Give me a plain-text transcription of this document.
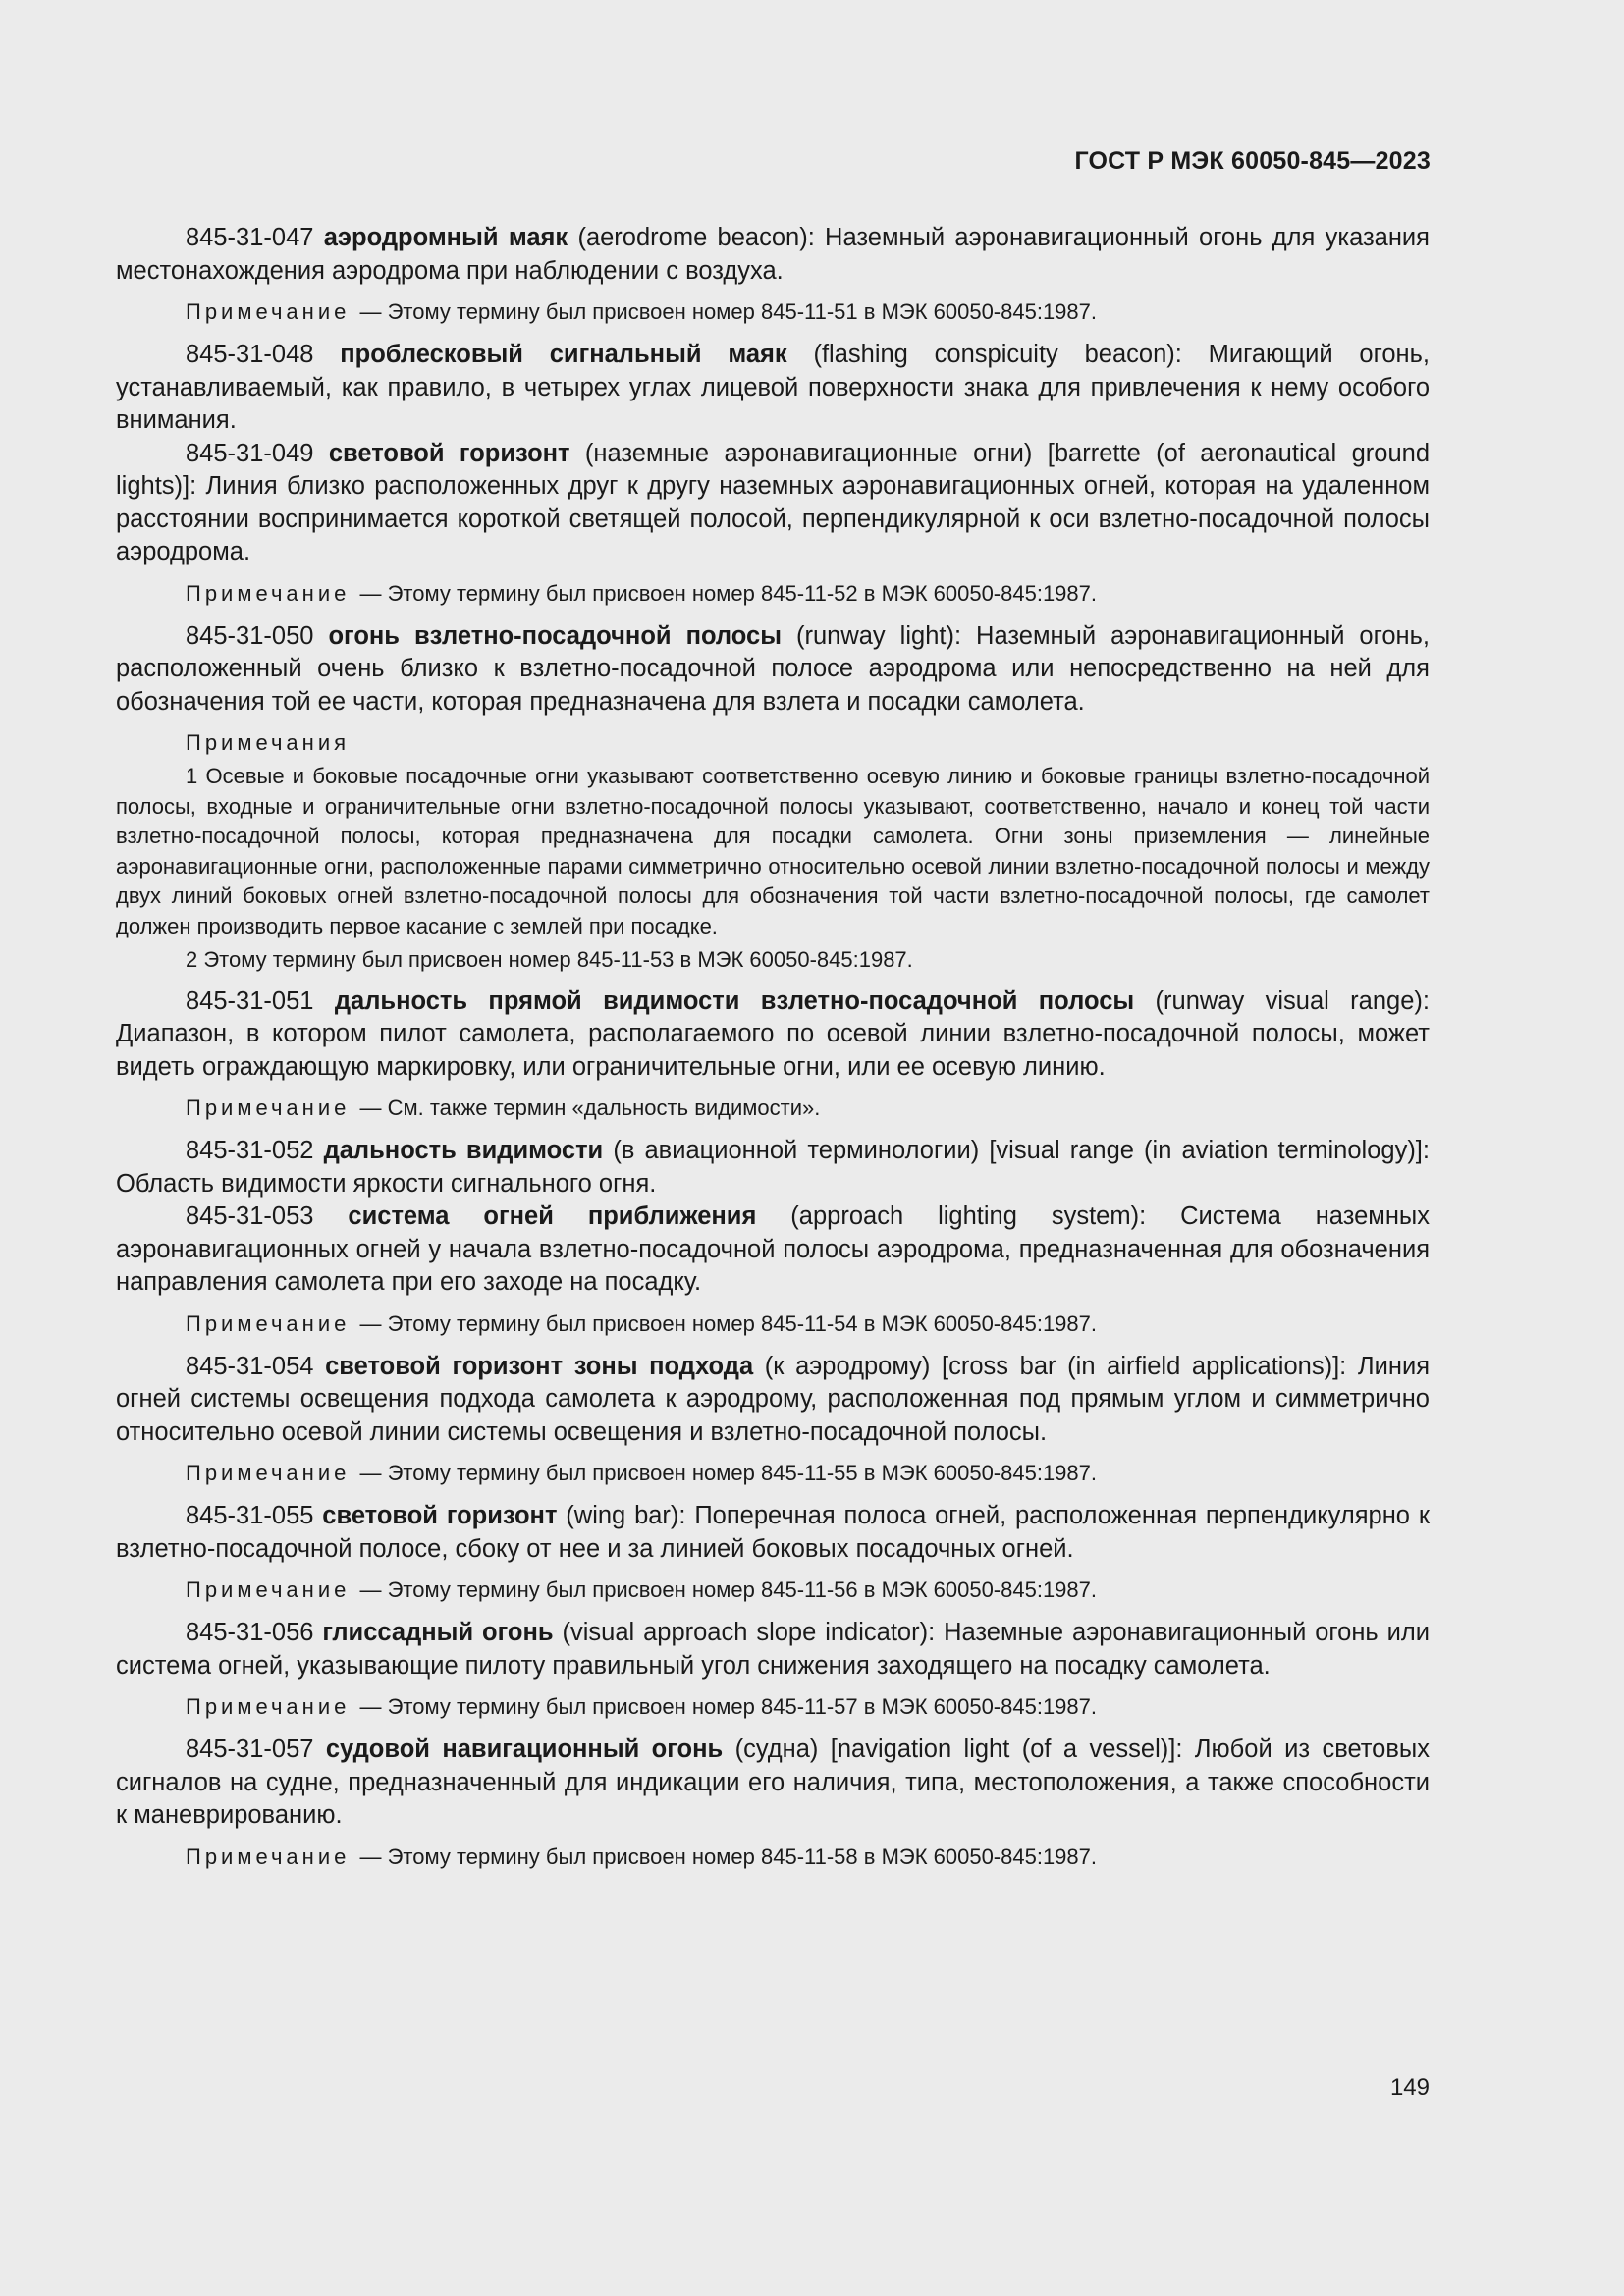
ГОСТ Р МЭК 60050-845—2023

845-31-047 аэродромный маяк (aerodrome beacon): Наземный аэронавигационный огонь для указания местонахождения аэродрома при наблюдении с воздуха.

Примечание — Этому термину был присвоен номер 845-11-51 в МЭК 60050-845:1987.

845-31-048 проблесковый сигнальный маяк (flashing conspicuity beacon): Мигающий огонь, устанавливаемый, как правило, в четырех углах лицевой поверхности знака для привлечения к нему особого внимания.

845-31-049 световой горизонт (наземные аэронавигационные огни) [barrette (of aeronautical ground lights)]: Линия близко расположенных друг к другу наземных аэронавигационных огней, которая на удаленном расстоянии воспринимается короткой светящей полосой, перпендикулярной к оси взлетно-посадочной полосы аэродрома.

Примечание — Этому термину был присвоен номер 845-11-52 в МЭК 60050-845:1987.

845-31-050 огонь взлетно-посадочной полосы (runway light): Наземный аэронавигационный огонь, расположенный очень близко к взлетно-посадочной полосе аэродрома или непосредственно на ней для обозначения той ее части, которая предназначена для взлета и посадки самолета.

Примечания

1 Осевые и боковые посадочные огни указывают соответственно осевую линию и боковые границы взлетно-посадочной полосы, входные и ограничительные огни взлетно-посадочной полосы указывают, соответственно, начало и конец той части взлетно-посадочной полосы, которая предназначена для посадки самолета. Огни зоны приземления — линейные аэронавигационные огни, расположенные парами симметрично относительно осевой линии взлетно-посадочной полосы и между двух линий боковых огней взлетно-посадочной полосы для обозначения той части взлетно-посадочной полосы, где самолет должен производить первое касание с землей при посадке.

2 Этому термину был присвоен номер 845-11-53 в МЭК 60050-845:1987.

845-31-051 дальность прямой видимости взлетно-посадочной полосы (runway visual range): Диапазон, в котором пилот самолета, располагаемого по осевой линии взлетно-посадочной полосы, может видеть ограждающую маркировку, или ограничительные огни, или ее осевую линию.

Примечание — См. также термин «дальность видимости».

845-31-052 дальность видимости (в авиационной терминологии) [visual range (in aviation terminology)]: Область видимости яркости сигнального огня.

845-31-053 система огней приближения (approach lighting system): Система наземных аэронавигационных огней у начала взлетно-посадочной полосы аэродрома, предназначенная для обозначения направления самолета при его заходе на посадку.

Примечание — Этому термину был присвоен номер 845-11-54 в МЭК 60050-845:1987.

845-31-054 световой горизонт зоны подхода (к аэродрому) [cross bar (in airfield applications)]: Линия огней системы освещения подхода самолета к аэродрому, расположенная под прямым углом и симметрично относительно осевой линии системы освещения и взлетно-посадочной полосы.

Примечание — Этому термину был присвоен номер 845-11-55 в МЭК 60050-845:1987.

845-31-055 световой горизонт (wing bar): Поперечная полоса огней, расположенная перпендикулярно к взлетно-посадочной полосе, сбоку от нее и за линией боковых посадочных огней.

Примечание — Этому термину был присвоен номер 845-11-56 в МЭК 60050-845:1987.

845-31-056 глиссадный огонь (visual approach slope indicator): Наземные аэронавигационный огонь или система огней, указывающие пилоту правильный угол снижения заходящего на посадку самолета.

Примечание — Этому термину был присвоен номер 845-11-57 в МЭК 60050-845:1987.

845-31-057 судовой навигационный огонь (судна) [navigation light (of a vessel)]: Любой из световых сигналов на судне, предназначенный для индикации его наличия, типа, местоположения, а также способности к маневрированию.

Примечание — Этому термину был присвоен номер 845-11-58 в МЭК 60050-845:1987.

149
